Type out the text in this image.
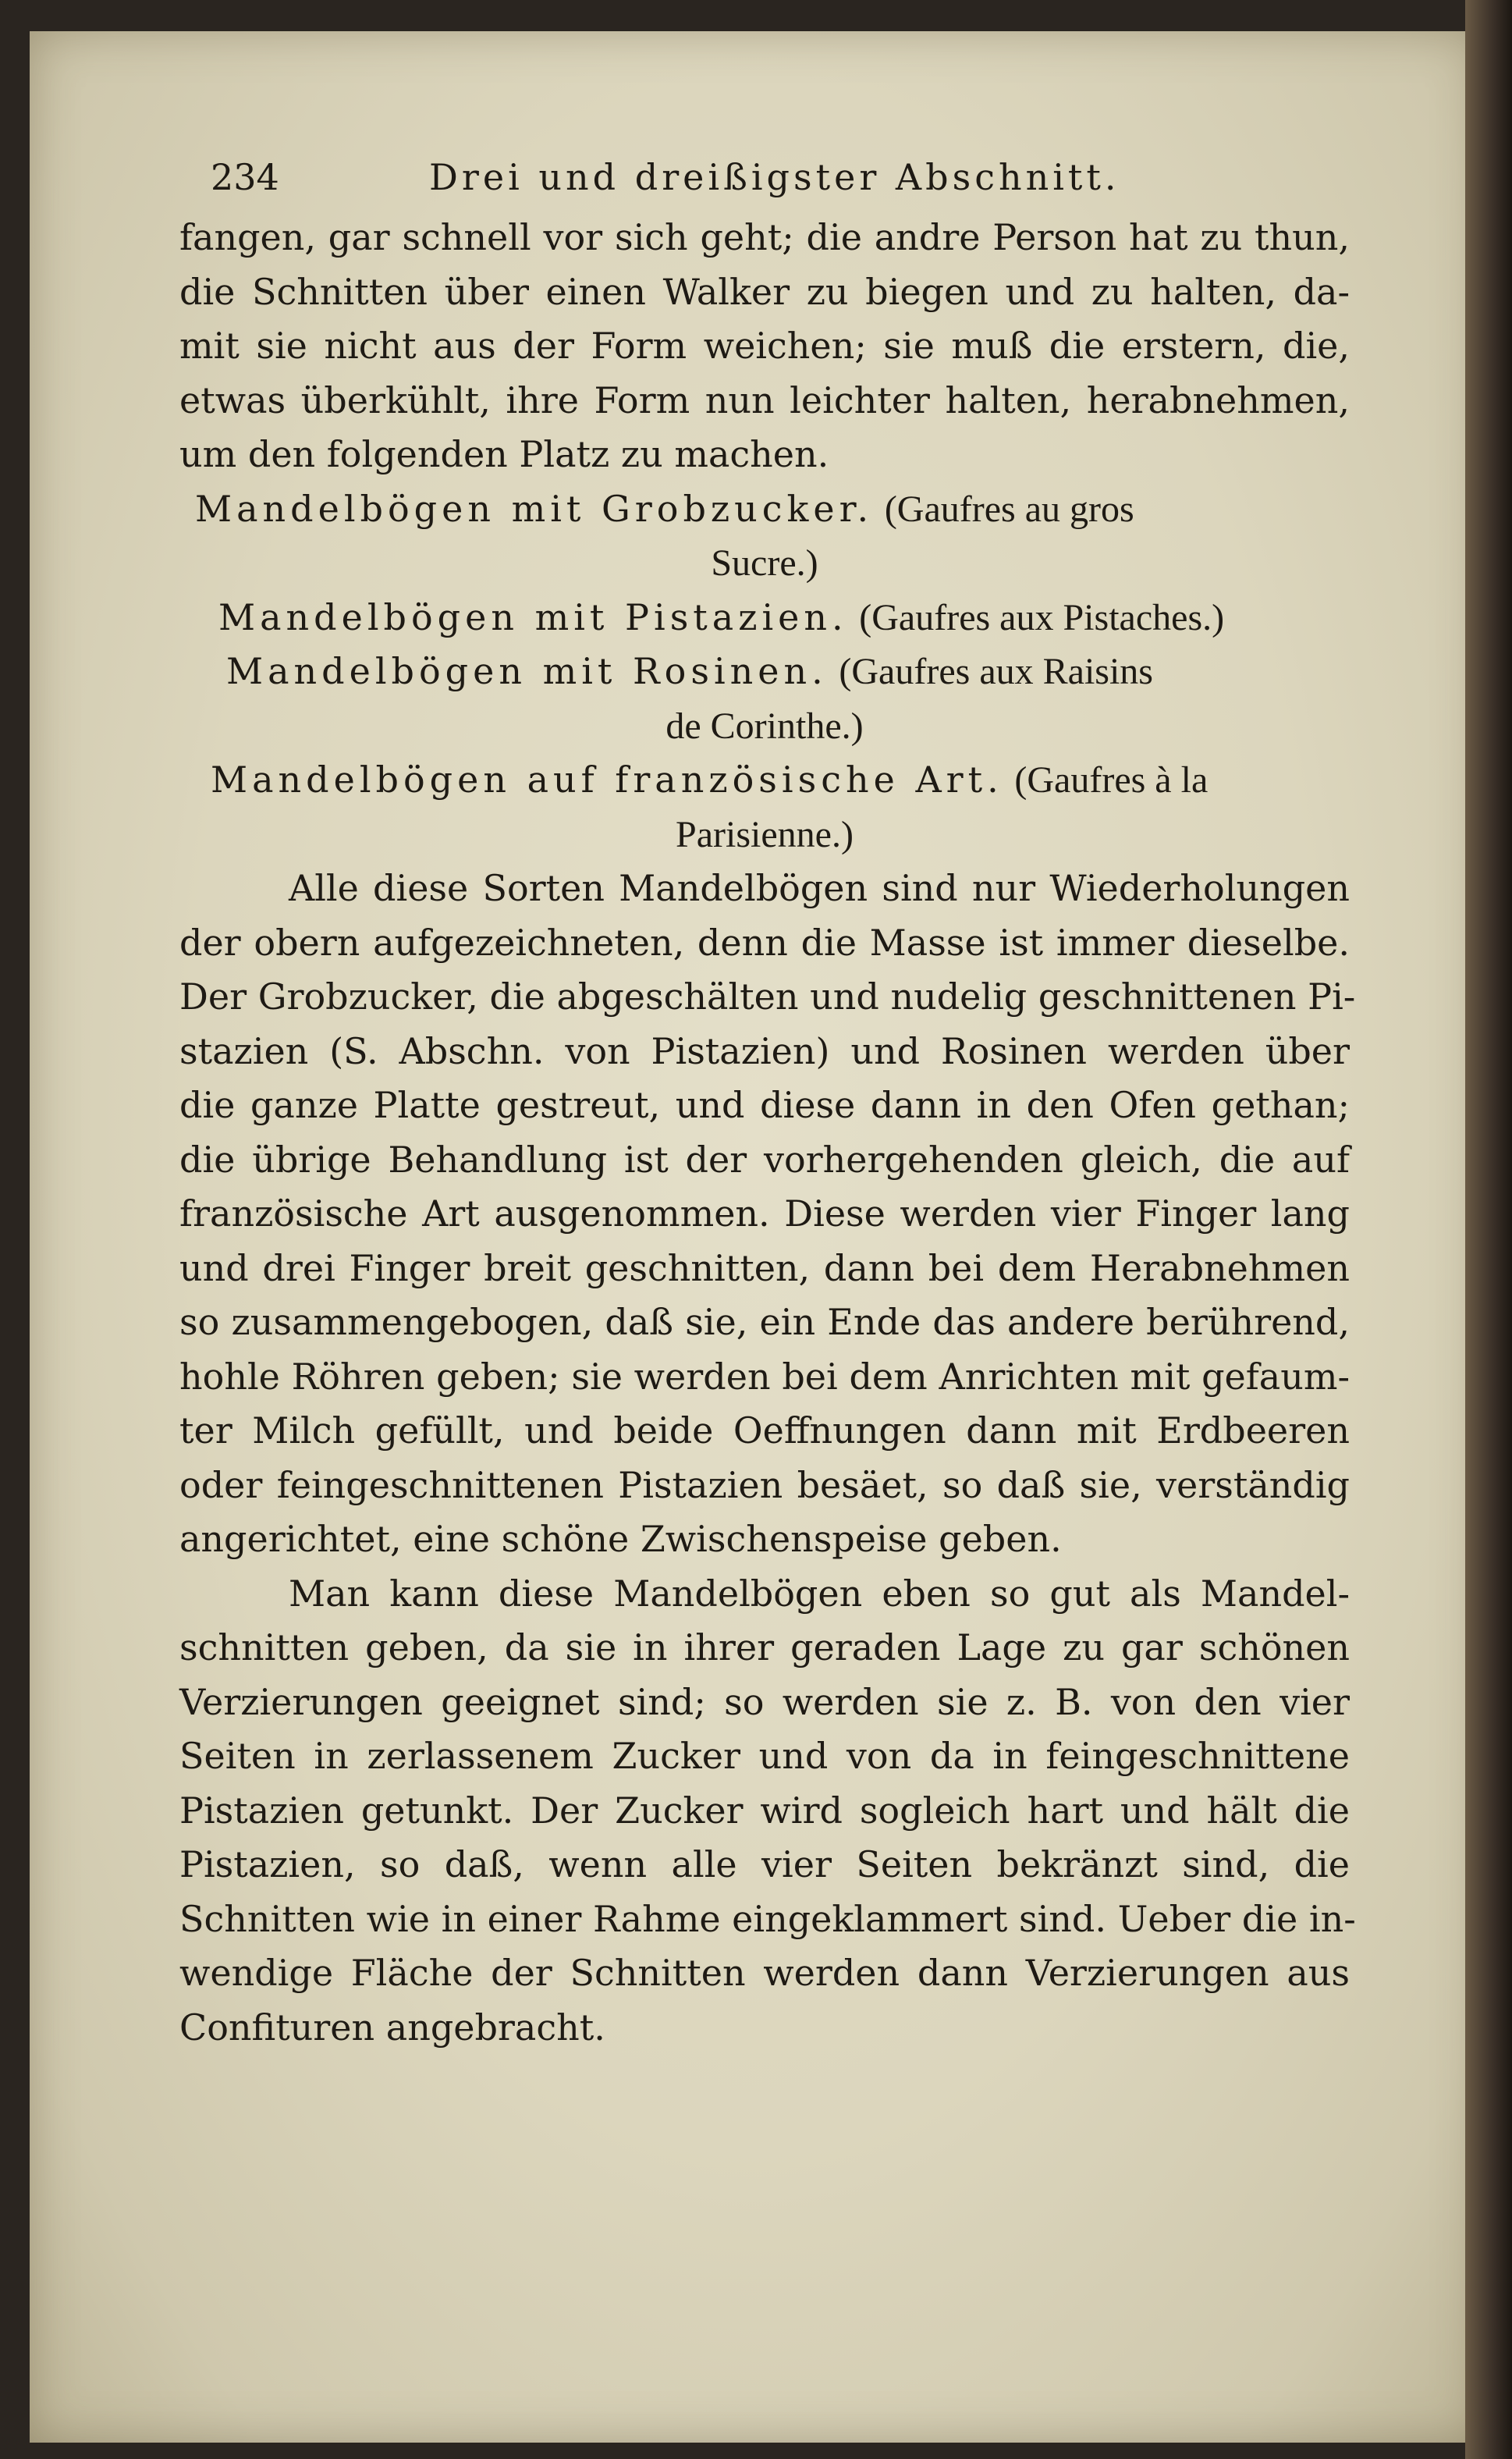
234	Drei und dreißigster Abschnitt.
fangen, gar schnell vor sich geht; die andre Person hat zu thun,
die Schnitten über einen Walker zu biegen und zu halten, da-
mit sie nicht aus der Form weichen; sie muß die erstern, die,
etwas überkühlt, ihre Form nun leichter halten, herabnehmen,
um den folgenden Platz zu machen.
Mandelbögen mit Grobzucker. (Gaufres au gros
Sucre.)
Mandelbögen mit Pistazien. (Gaufres aux Pistaches.)
Mandelbögen mit Rosinen. (Gaufres aux Raisins
de Corinthe.)
Mandelbögen auf französische Art. (Gaufres à la
Parisienne.)
Alle diese Sorten Mandelbögen sind nur Wiederholungen
der obern aufgezeichneten, denn die Masse ist immer dieselbe.
Der Grobzucker, die abgeschälten und nudelig geschnittenen Pi-
stazien (S. Abschn. von Pistazien) und Rosinen werden über
die ganze Platte gestreut, und diese dann in den Ofen gethan;
die übrige Behandlung ist der vorhergehenden gleich, die auf
französische Art ausgenommen. Diese werden vier Finger lang
und drei Finger breit geschnitten, dann bei dem Herabnehmen
so zusammengebogen, daß sie, ein Ende das andere berührend,
hohle Röhren geben; sie werden bei dem Anrichten mit gefaum-
ter Milch gefüllt, und beide Oeffnungen dann mit Erdbeeren
oder feingeschnittenen Pistazien besäet, so daß sie, verständig
angerichtet, eine schöne Zwischenspeise geben.
Man kann diese Mandelbögen eben so gut als Mandel-
schnitten geben, da sie in ihrer geraden Lage zu gar schönen
Verzierungen geeignet sind; so werden sie z. B. von den vier
Seiten in zerlassenem Zucker und von da in feingeschnittene
Pistazien getunkt. Der Zucker wird sogleich hart und hält die
Pistazien, so daß, wenn alle vier Seiten bekränzt sind, die
Schnitten wie in einer Rahme eingeklammert sind. Ueber die in-
wendige Fläche der Schnitten werden dann Verzierungen aus
Confituren angebracht.
